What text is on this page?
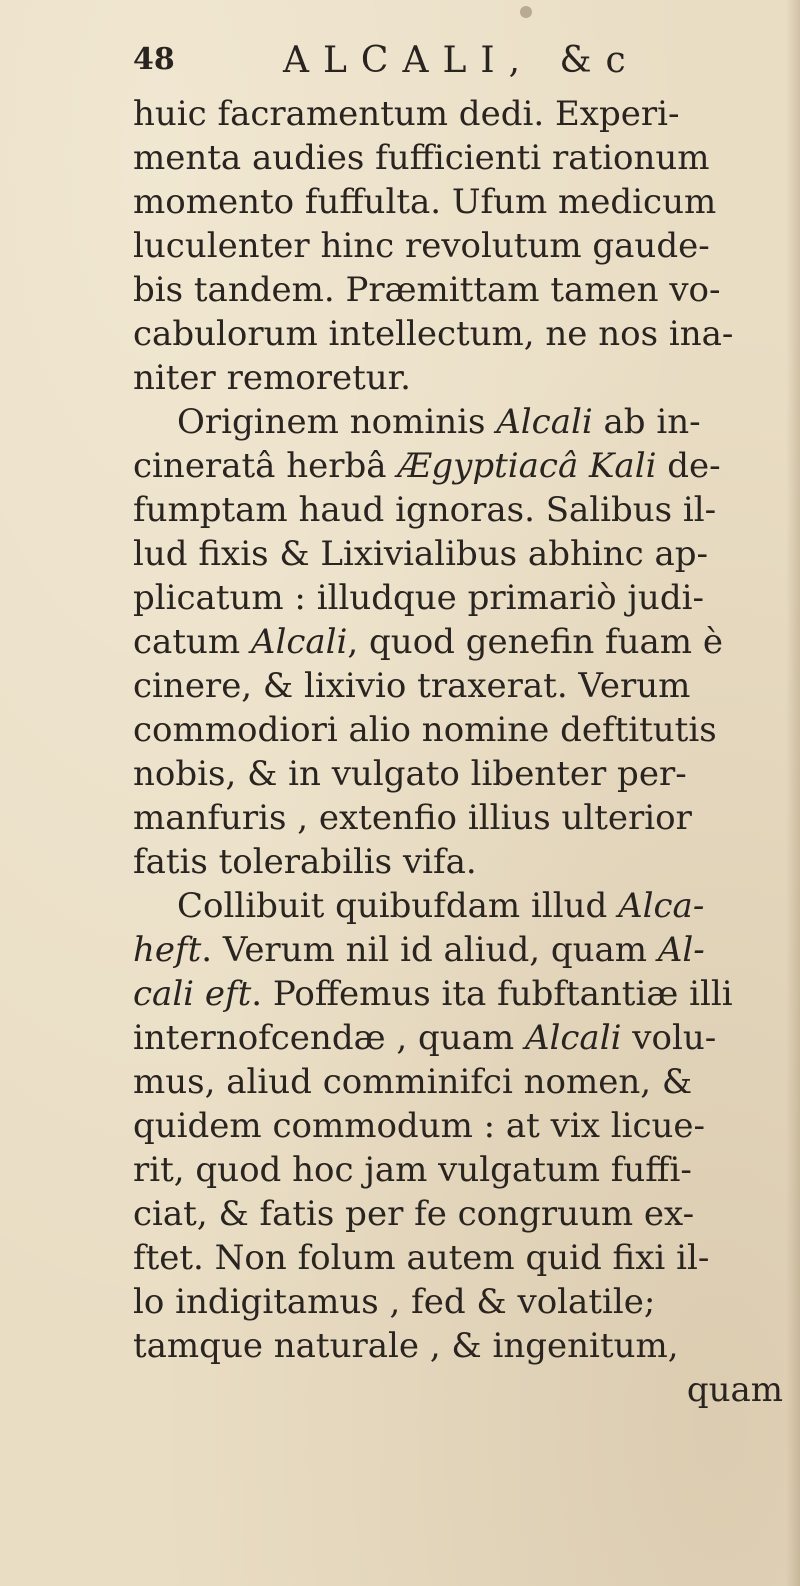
48	ALCALI, &c
huic facramentum dedi. Experi-
menta audies fufficienti rationum
momento fuffulta. Ufum medicum
luculenter hinc revolutum gaude-
bis tandem. Præmittam tamen vo-
cabulorum intellectum, ne nos ina-
niter remoretur.
Originem nominis Alcali ab in-
cineratâ herbâ Ægyptiacâ Kali de-
fumptam haud ignoras. Salibus il-
lud fixis & Lixivialibus abhinc ap-
plicatum : illudque primariò judi-
catum Alcali, quod genefin fuam è
cinere, & lixivio traxerat. Verum
commodiori alio nomine deftitutis
nobis, & in vulgato libenter per-
manfuris , extenfio illius ulterior
fatis tolerabilis vifa.
Collibuit quibufdam illud Alca-
heft. Verum nil id aliud, quam Al-
cali eft. Poffemus ita fubftantiæ illi
internofcendæ , quam Alcali volu-
mus, aliud comminifci nomen, &
quidem commodum : at vix licue-
rit, quod hoc jam vulgatum fuffi-
ciat, & fatis per fe congruum ex-
ftet. Non folum autem quid fixi il-
lo indigitamus , fed & volatile;
tamque naturale , & ingenitum,
quam
